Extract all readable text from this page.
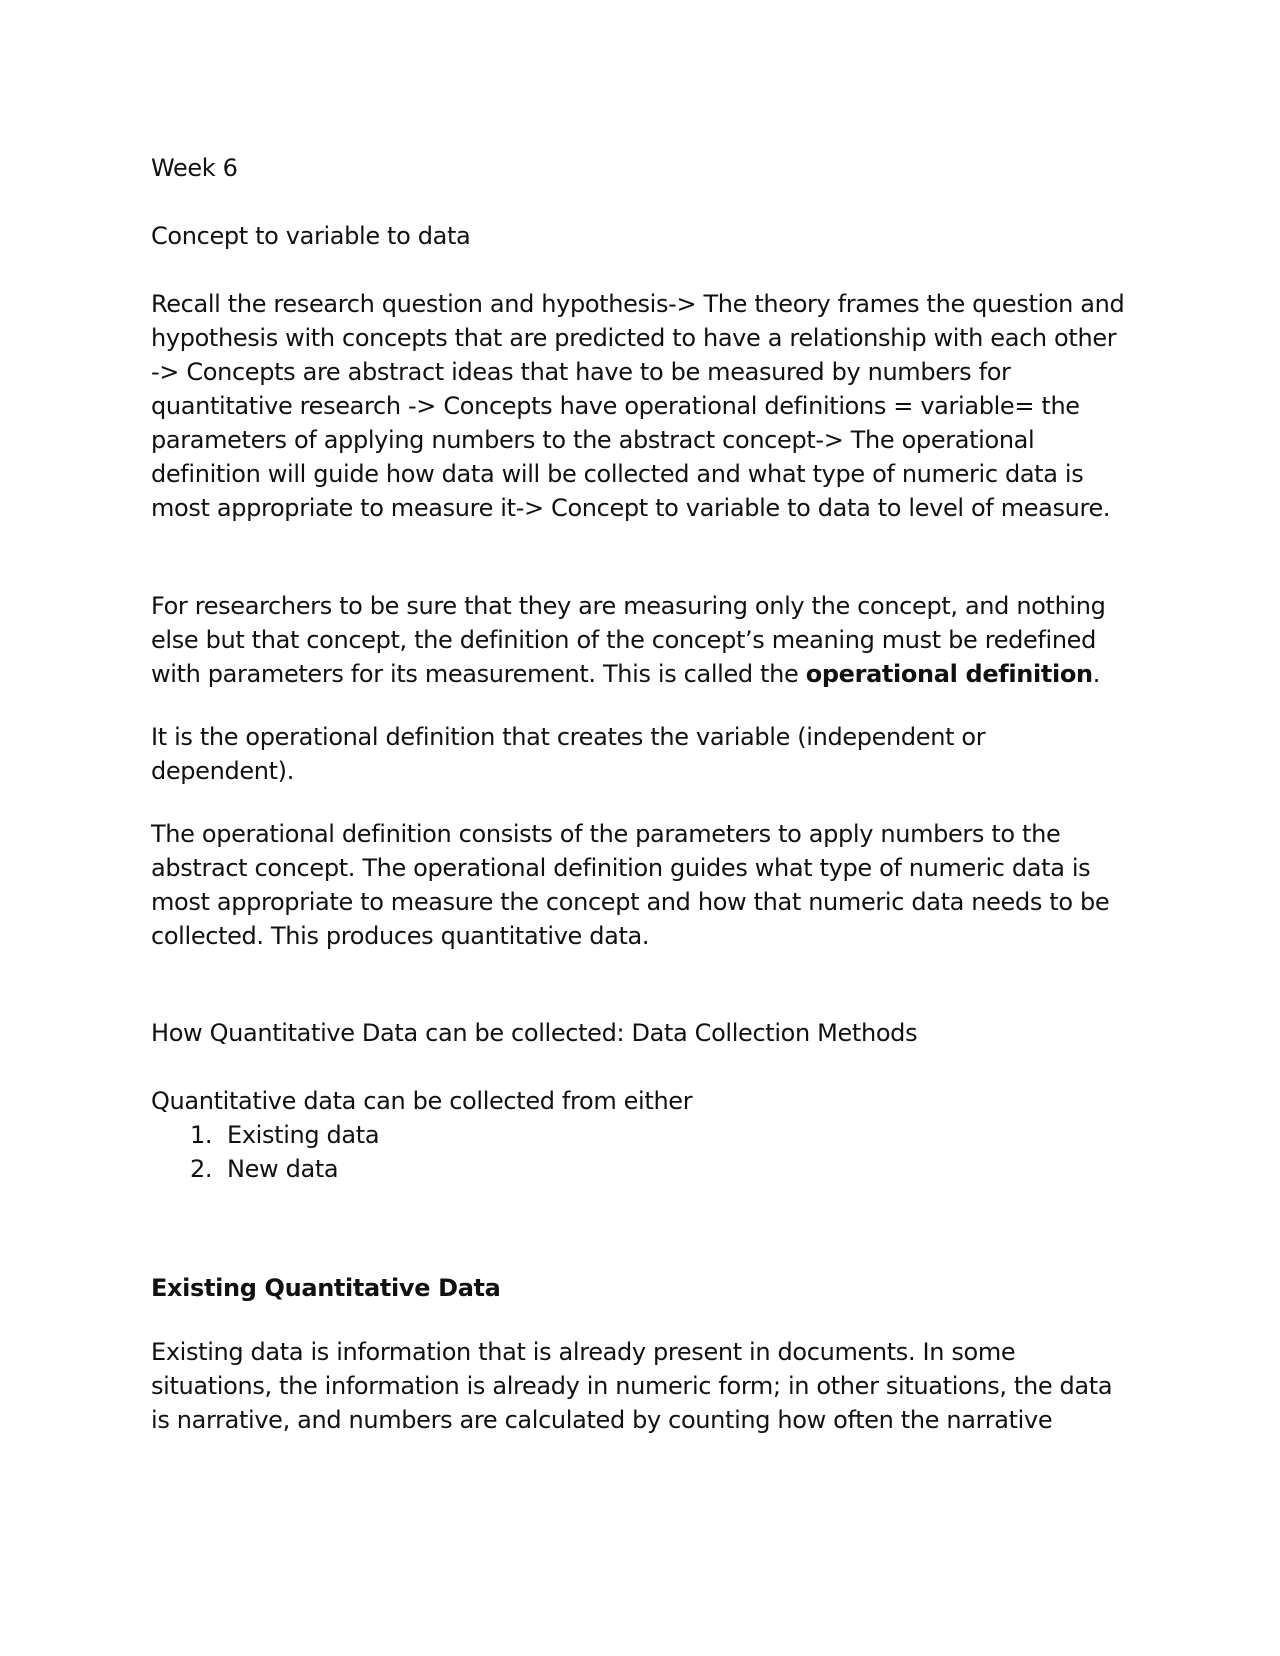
Week 6
Concept to variable to data
Recall the research question and hypothesis-> The theory frames the question and
hypothesis with concepts that are predicted to have a relationship with each other
-> Concepts are abstract ideas that have to be measured by numbers for
quantitative research -> Concepts have operational definitions = variable= the
parameters of applying numbers to the abstract concept-> The operational
definition will guide how data will be collected and what type of numeric data is
most appropriate to measure it-> Concept to variable to data to level of measure.
For researchers to be sure that they are measuring only the concept, and nothing
else but that concept, the definition of the concept’s meaning must be redefined
with parameters for its measurement. This is called the operational definition.
It is the operational definition that creates the variable (independent or
dependent).
The operational definition consists of the parameters to apply numbers to the
abstract concept. The operational definition guides what type of numeric data is
most appropriate to measure the concept and how that numeric data needs to be
collected. This produces quantitative data.
How Quantitative Data can be collected: Data Collection Methods
Quantitative data can be collected from either
1. Existing data
2. New data
Existing Quantitative Data
Existing data is information that is already present in documents. In some
situations, the information is already in numeric form; in other situations, the data
is narrative, and numbers are calculated by counting how often the narrative
